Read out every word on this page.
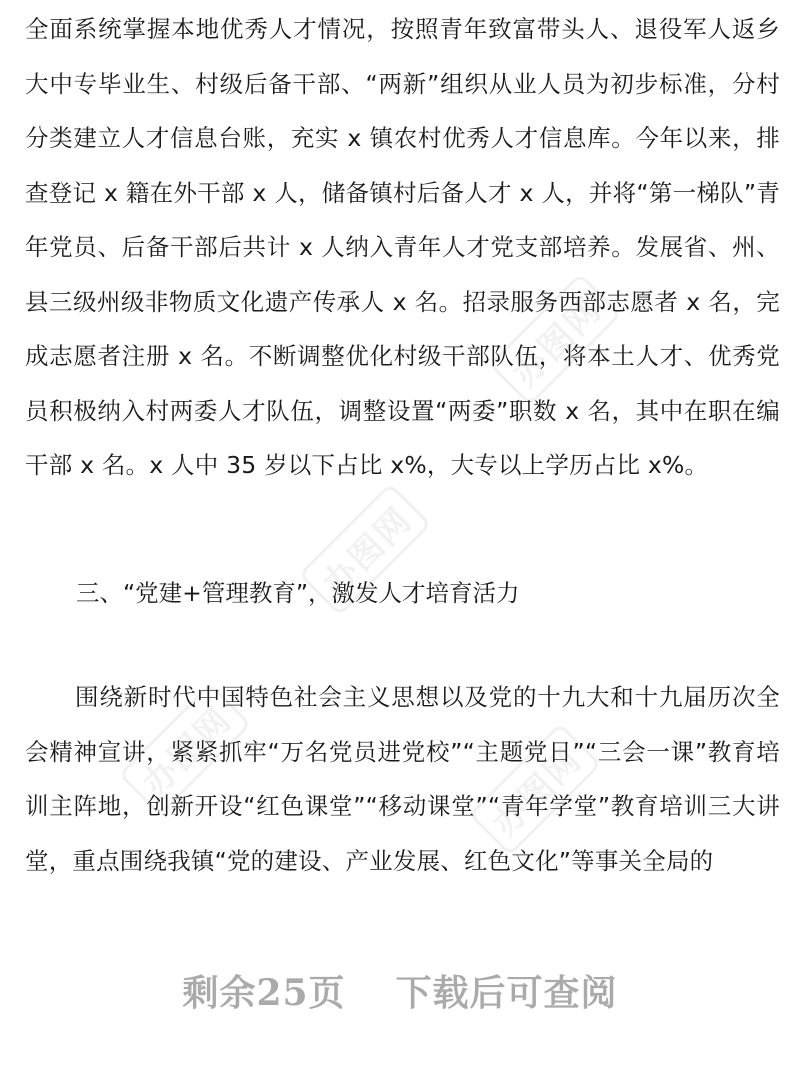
办图网
办图网
办图网	办图网

全面系统掌握本地优秀人才情况，按照青年致富带头人、退役军人返乡大中专毕业生、村级后备干部、“两新”组织从业人员为初步标准，分村分类建立人才信息台账，充实 x 镇农村优秀人才信息库。今年以来，排查登记 x 籍在外干部 x 人，储备镇村后备人才 x 人，并将“第一梯队”青年党员、后备干部后共计 x 人纳入青年人才党支部培养。发展省、州、县三级州级非物质文化遗产传承人 x 名。招录服务西部志愿者 x 名，完成志愿者注册 x 名。不断调整优化村级干部队伍，将本土人才、优秀党员积极纳入村两委人才队伍，调整设置“两委”职数 x 名，其中在职在编干部 x 名。x 人中 35 岁以下占比 x%，大专以上学历占比 x%。

三、“党建+管理教育”，激发人才培育活力

围绕新时代中国特色社会主义思想以及党的十九大和十九届历次全会精神宣讲，紧紧抓牢“万名党员进党校”“主题党日”“三会一课”教育培训主阵地，创新开设“红色课堂”“移动课堂”“青年学堂”教育培训三大讲堂，重点围绕我镇“党的建设、产业发展、红色文化”等事关全局的

剩余25页 下载后可查阅
